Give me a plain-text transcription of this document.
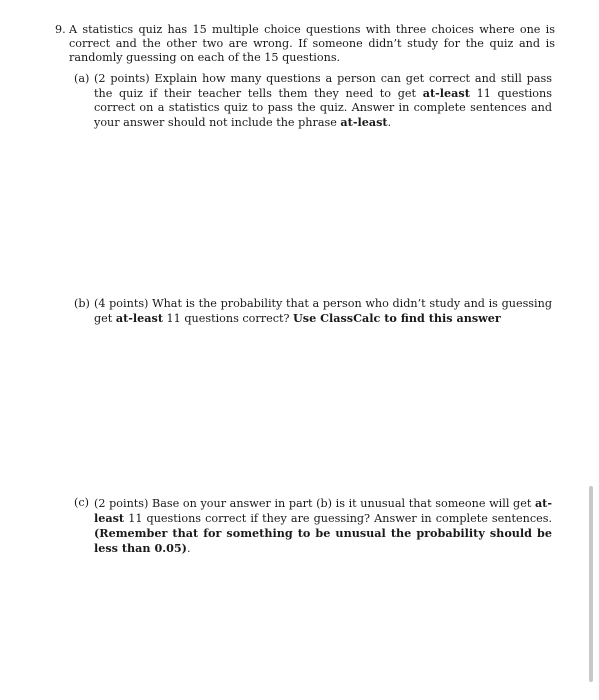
9. A statistics quiz has 15 multiple choice questions with three choices where one is correct and the other two are wrong. If someone didn’t study for the quiz and is randomly guessing on each of the 15 questions.
(a) (2 points) Explain how many questions a person can get correct and still pass the quiz if their teacher tells them they need to get at-least 11 questions correct on a statistics quiz to pass the quiz. Answer in complete sentences and your answer should not include the phrase at-least.
(b) (4 points) What is the probability that a person who didn’t study and is guessing get at-least 11 questions correct? Use ClassCalc to find this answer
(c) (2 points) Base on your answer in part (b) is it unusual that someone will get at-least 11 questions correct if they are guessing? Answer in complete sentences. (Remember that for something to be unusual the probability should be less than 0.05).
